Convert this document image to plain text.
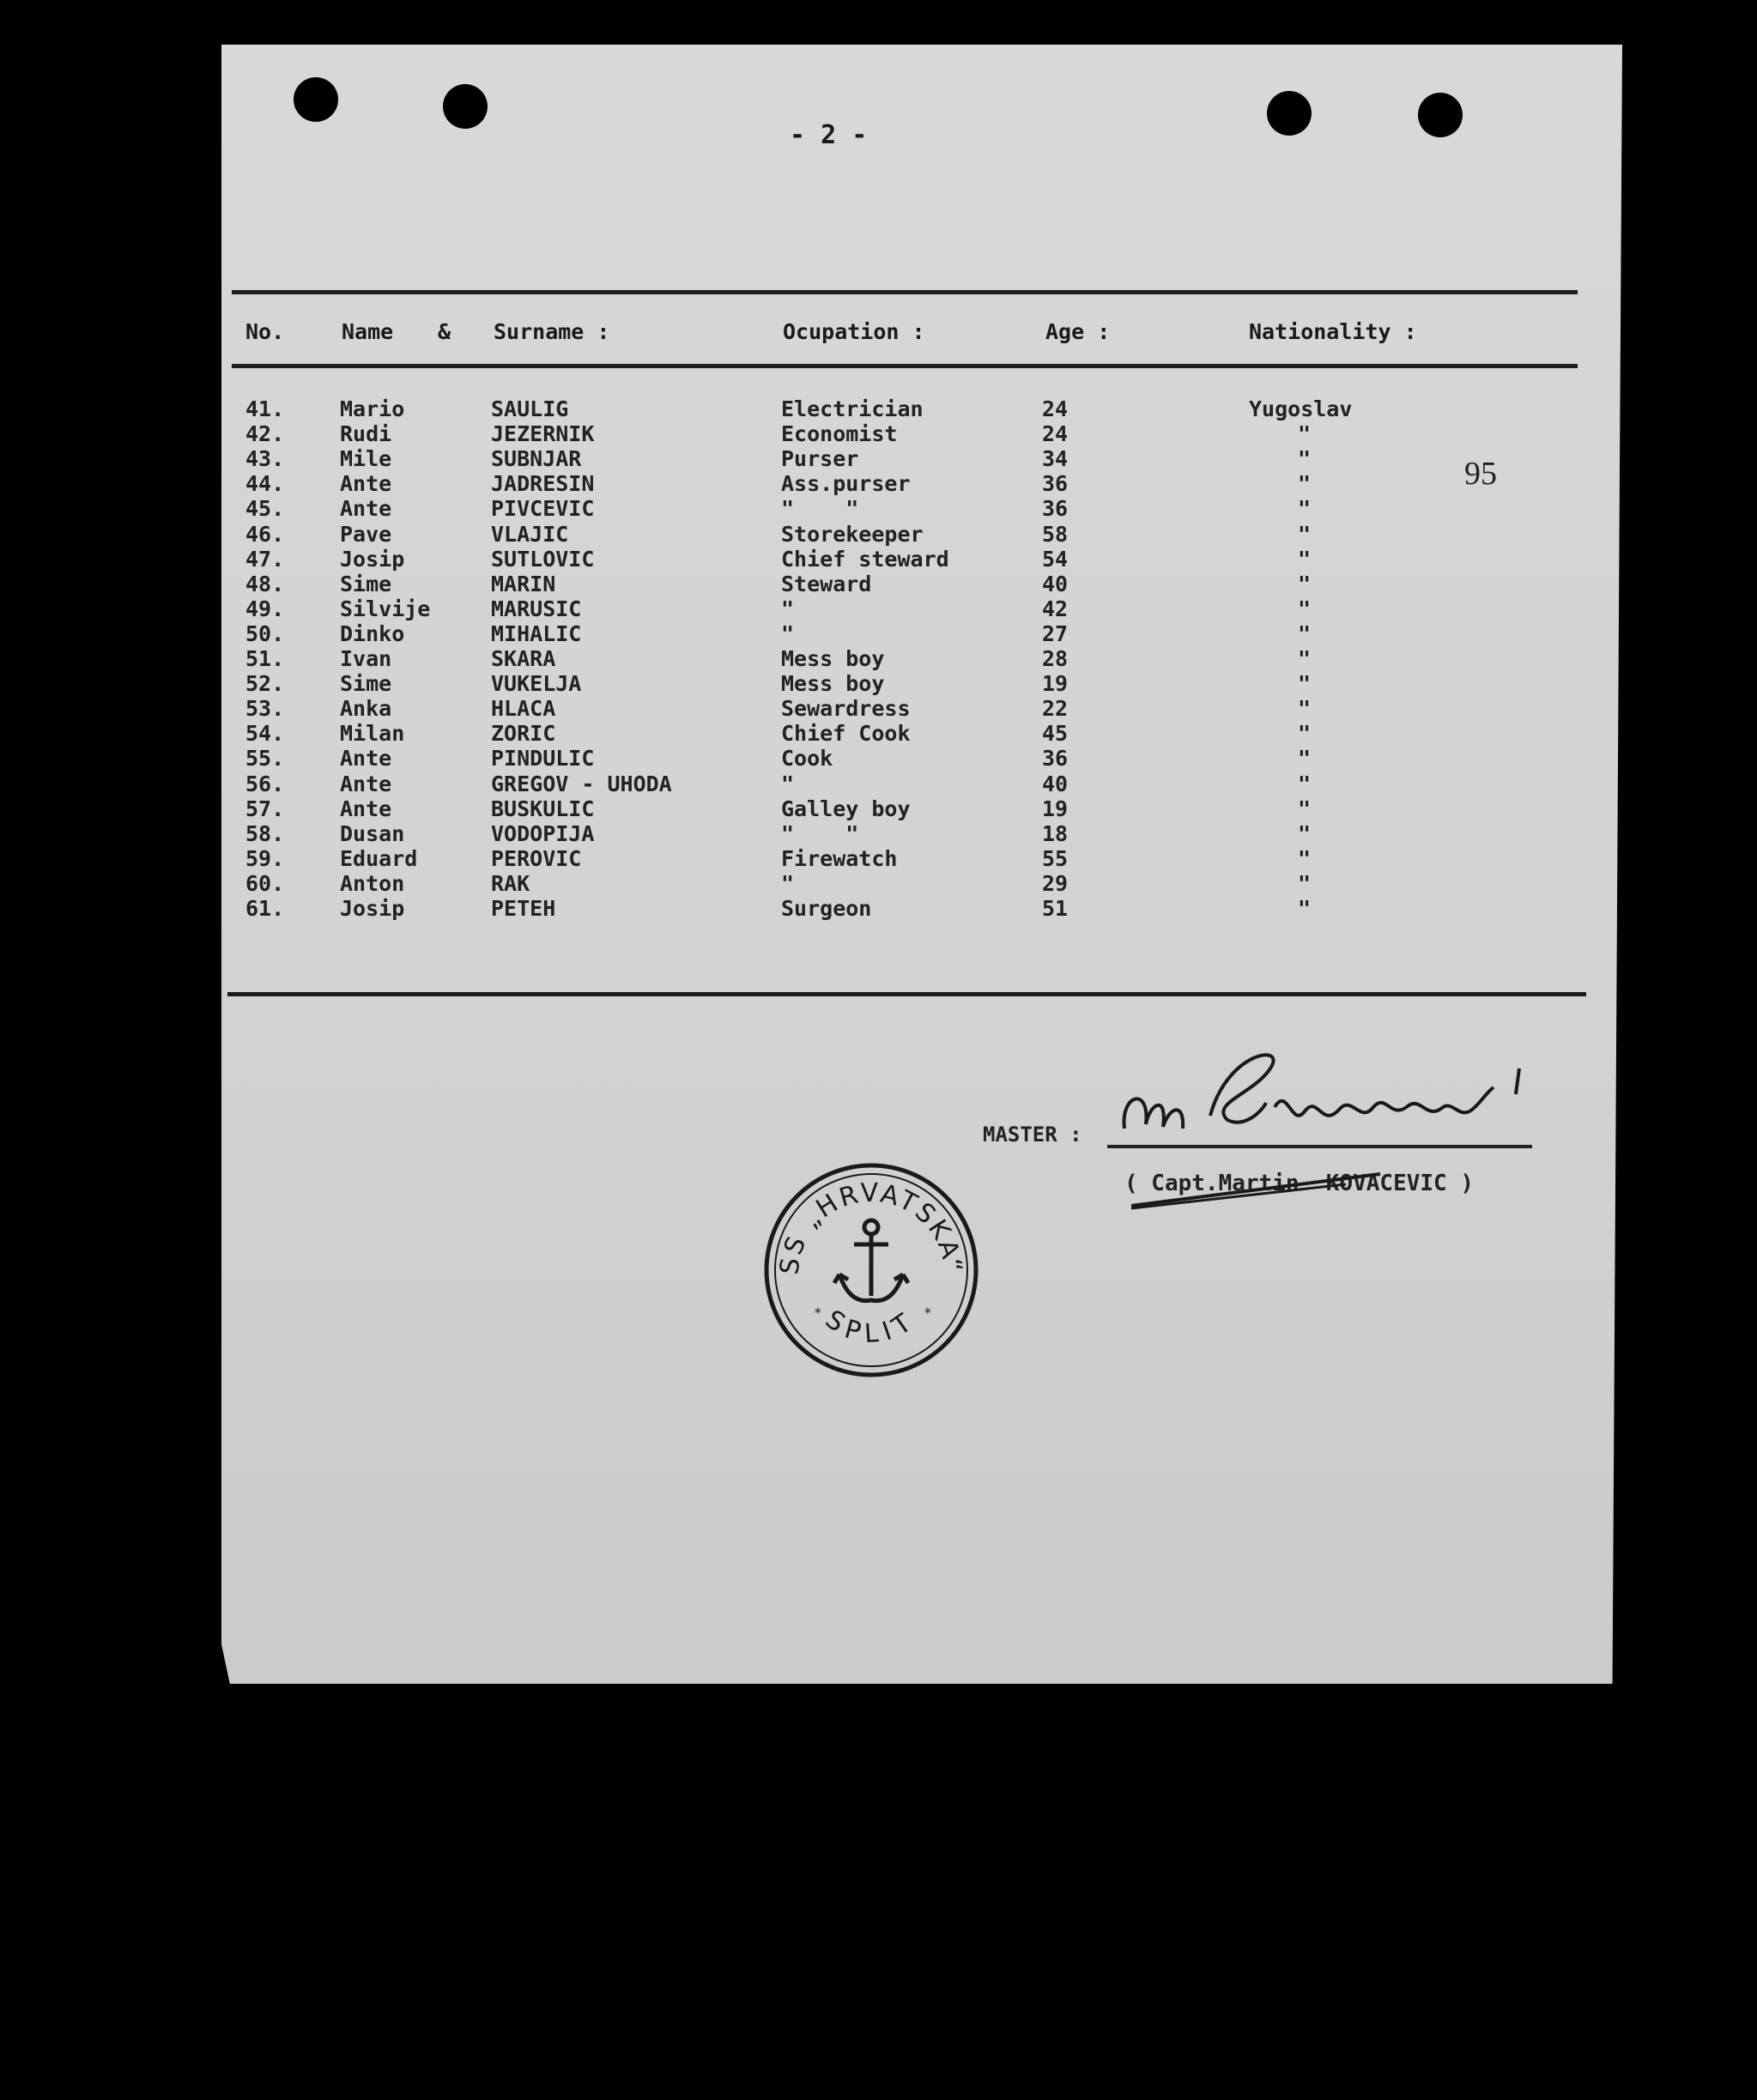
- 2 -
No.	Name & Surname :	Ocupation :	Age :	Nationality :
41.	Mario	SAULIG	Electrician	24	Yugoslav
42.	Rudi	JEZERNIK	Economist	24	"
43.	Mile	SUBNJAR	Purser	34	"
44.	Ante	JADRESIN	Ass.purser	36	"
45.	Ante	PIVCEVIC	"    "	36	"
46.	Pave	VLAJIC	Storekeeper	58	"
47.	Josip	SUTLOVIC	Chief steward	54	"
48.	Sime	MARIN	Steward	40	"
49.	Silvije	MARUSIC	"	42	"
50.	Dinko	MIHALIC	"	27	"
51.	Ivan	SKARA	Mess boy	28	"
52.	Sime	VUKELJA	Mess boy	19	"
53.	Anka	HLACA	Sewardress	22	"
54.	Milan	ZORIC	Chief Cook	45	"
55.	Ante	PINDULIC	Cook	36	"
56.	Ante	GREGOV - UHODA	"	40	"
57.	Ante	BUSKULIC	Galley boy	19	"
58.	Dusan	VODOPIJA	"    "	18	"
59.	Eduard	PEROVIC	Firewatch	55	"
60.	Anton	RAK	"	29	"
61.	Josip	PETEH	Surgeon	51	"
95
MASTER :
( Capt.Martin  KOVACEVIC )
SS „HRVATSKA“
SPLIT
*	*
